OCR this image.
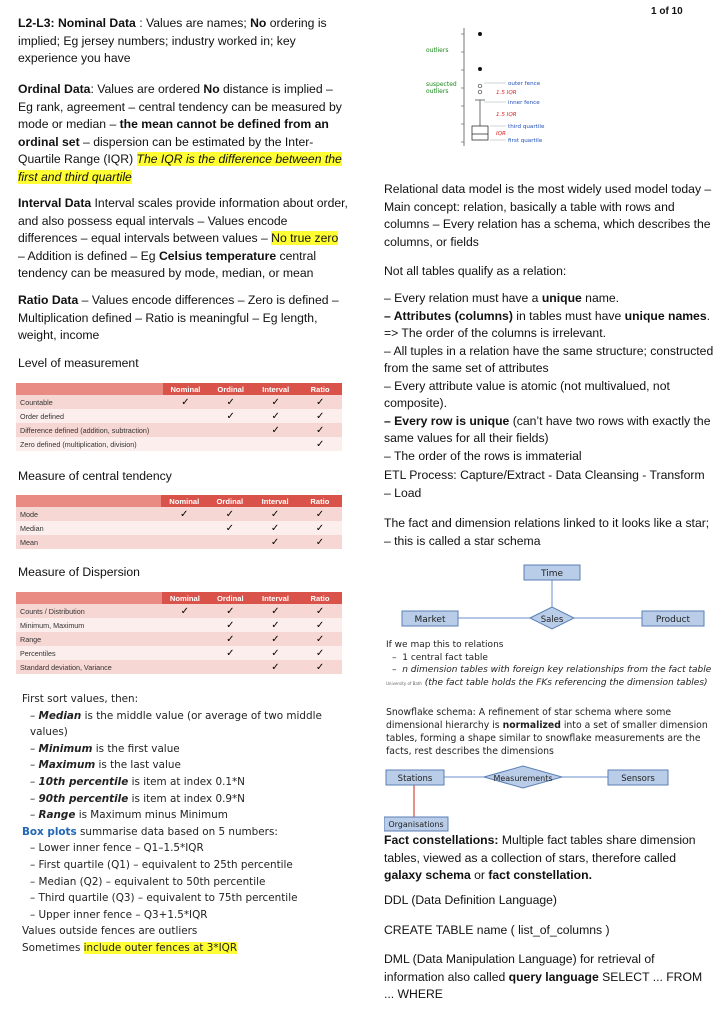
1 of 10

L2-L3: Nominal Data : Values are names; No ordering is implied; Eg jersey numbers; industry worked in; key experience you have

Ordinal Data: Values are ordered No distance is implied – Eg rank, agreement – central tendency can be measured by mode or median – the mean cannot be defined from an ordinal set – dispersion can be estimated by the Inter-Quartile Range (IQR) The IQR is the difference between the first and third quartile

Interval Data Interval scales provide information about order, and also possess equal intervals – Values encode differences – equal intervals between values – No true zero – Addition is defined – Eg Celsius temperature central tendency can be measured by mode, median, or mean

Ratio Data – Values encode differences – Zero is defined – Multiplication defined – Ratio is meaningful – Eg length, weight, income

Level of measurement
	Nominal	Ordinal	Interval	Ratio
Countable	✓	✓	✓	✓
Order defined		✓	✓	✓
Difference defined (addition, subtraction)			✓	✓
Zero defined (multiplication, division)				✓
Measure of central tendency
	Nominal	Ordinal	Interval	Ratio
Mode	✓	✓	✓	✓
Median		✓	✓	✓
Mean			✓	✓
Measure of Dispersion
	Nominal	Ordinal	Interval	Ratio
Counts / Distribution	✓	✓	✓	✓
Minimum, Maximum		✓	✓	✓
Range		✓	✓	✓
Percentiles		✓	✓	✓
Standard deviation, Variance			✓	✓
First sort values, then:
– Median is the middle value (or average of two middle values)
– Minimum is the first value
– Maximum is the last value
– 10th percentile is item at index 0.1*N
– 90th percentile is item at index 0.9*N
– Range is Maximum minus Minimum
Box plots summarise data based on 5 numbers:
– Lower inner fence – Q1–1.5*IQR
– First quartile (Q1) – equivalent to 25th percentile
– Median (Q2) – equivalent to 50th percentile
– Third quartile (Q3) – equivalent to 75th percentile
– Upper inner fence – Q3+1.5*IQR
Values outside fences are outliers
Sometimes include outer fences at 3*IQR
outliers
suspected outliers
outer fence
1.5 IQR
inner fence
1.5 IQR
third quartile
IQR
first quartile

Relational data model is the most widely used model today – Main concept: relation, basically a table with rows and columns – Every relation has a schema, which describes the columns, or fields

Not all tables qualify as a relation:

– Every relation must have a unique name.
– Attributes (columns) in tables must have unique names.
=> The order of the columns is irrelevant.
– All tuples in a relation have the same structure; constructed from the same set of attributes
– Every attribute value is atomic (not multivalued, not composite).
– Every row is unique (can’t have two rows with exactly the same values for all their fields)
– The order of the rows is immaterial

ETL Process: Capture/Extract - Data Cleansing - Transform – Load

The fact and dimension relations linked to it looks like a star; – this is called a star schema

Time
Market	Sales	Product
If we map this to relations
–  1 central fact table
–  n dimension tables with foreign key relationships from the fact table
University of Bath (the fact table holds the FKs referencing the dimension tables)
Snowflake schema: A refinement of star schema where some dimensional hierarchy is normalized into a set of smaller dimension tables, forming a shape similar to snowflake measurements are the facts, rest describes the dimensions
Stations	Measurements	Sensors
Organisations

Fact constellations: Multiple fact tables share dimension tables, viewed as a collection of stars, therefore called galaxy schema or fact constellation.

DDL (Data Definition Language)

CREATE TABLE name ( list_of_columns )

DML (Data Manipulation Language) for retrieval of information also called query language SELECT ... FROM ... WHERE
